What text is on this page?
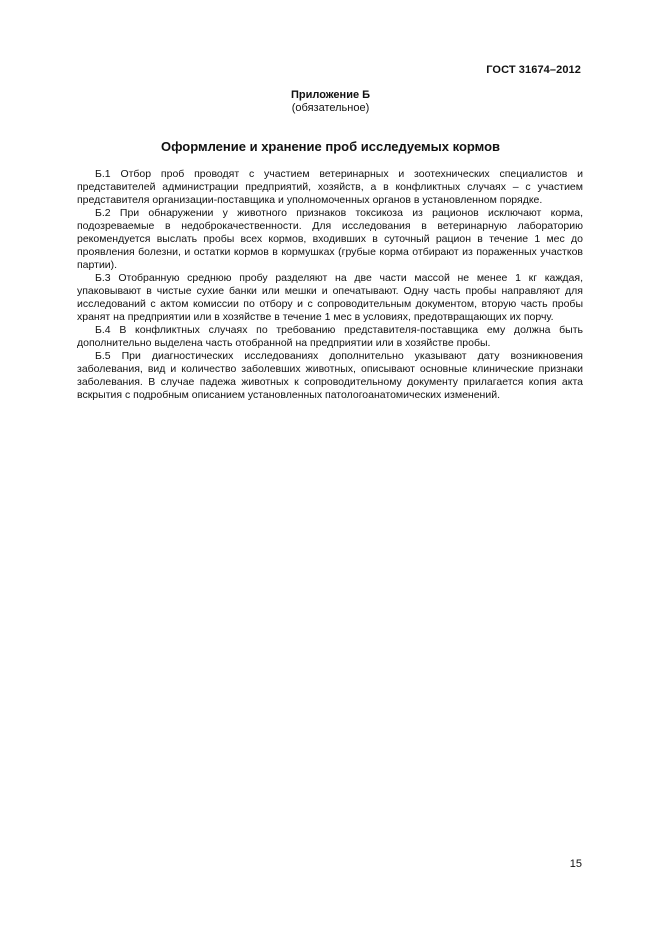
ГОСТ 31674–2012
Приложение Б
(обязательное)
Оформление и хранение проб исследуемых кормов

Б.1 Отбор проб проводят с участием ветеринарных и зоотехнических специалистов и представителей администрации предприятий, хозяйств, а в конфликтных случаях – с участием представителя организации-поставщика и уполномоченных органов в установленном порядке.

Б.2 При обнаружении у животного признаков токсикоза из рационов исключают корма, подозреваемые в недоброкачественности. Для исследования в ветеринарную лабораторию рекомендуется выслать пробы всех кормов, входивших в суточный рацион в течение 1 мес до проявления болезни, и остатки кормов в кормушках (грубые корма отбирают из пораженных участков партии).

Б.3 Отобранную среднюю пробу разделяют на две части массой не менее 1 кг каждая, упаковывают в чистые сухие банки или мешки и опечатывают. Одну часть пробы направляют для исследований с актом комиссии по отбору и с сопроводительным документом, вторую часть пробы хранят на предприятии или в хозяйстве в течение 1 мес в условиях, предотвращающих их порчу.

Б.4 В конфликтных случаях по требованию представителя-поставщика ему должна быть дополнительно выделена часть отобранной на предприятии или в хозяйстве пробы.

Б.5 При диагностических исследованиях дополнительно указывают дату возникновения заболевания, вид и количество заболевших животных, описывают основные клинические признаки заболевания. В случае падежа животных к сопроводительному документу прилагается копия акта вскрытия с подробным описанием установленных патологоанатомических изменений.

15
